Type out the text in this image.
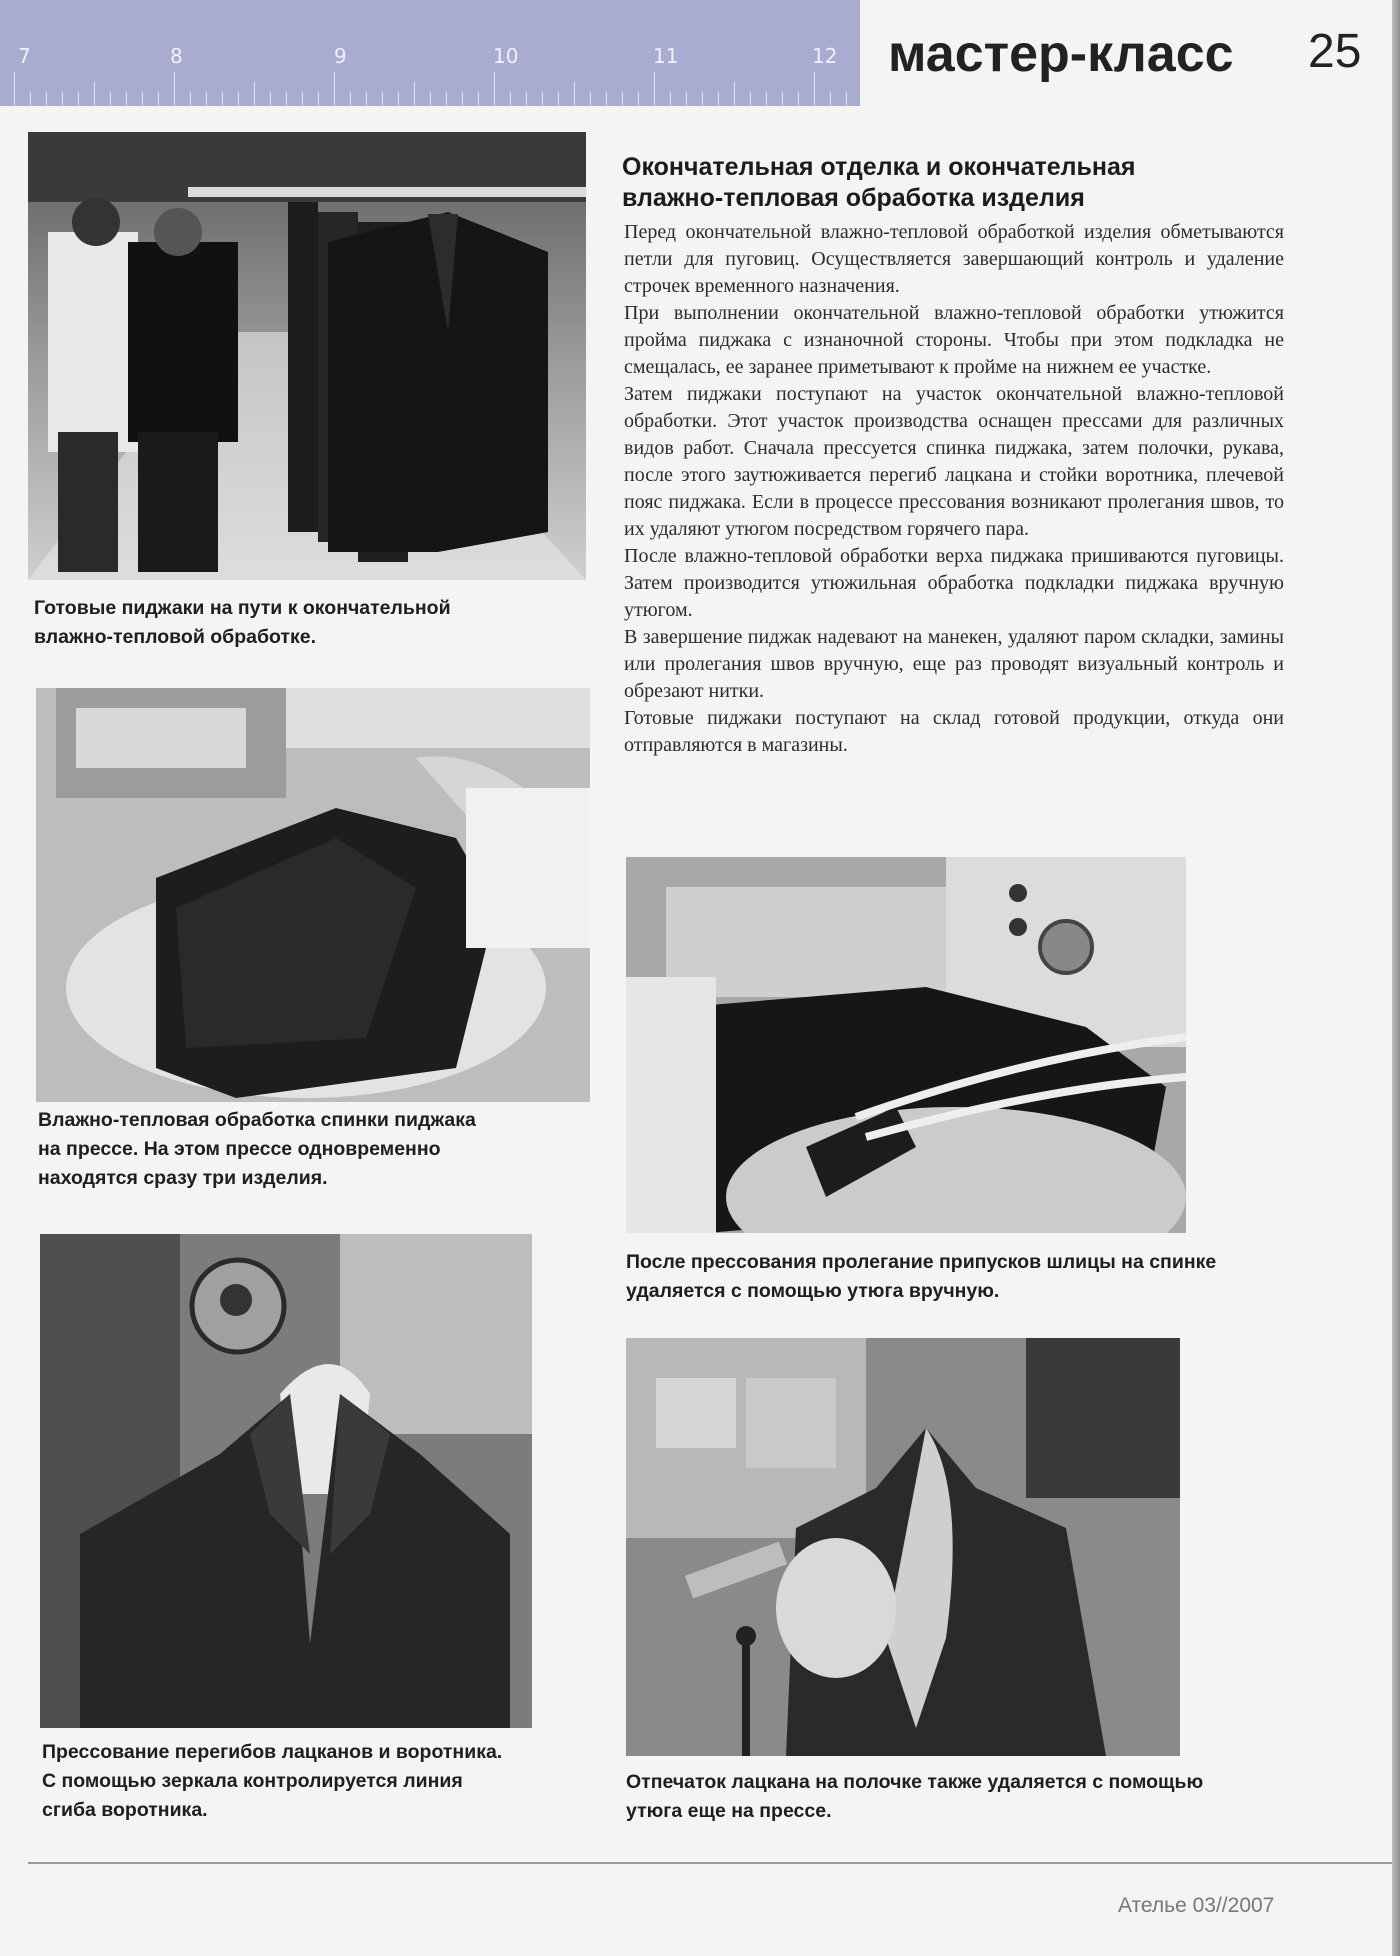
7	8	9	10	11	12 мастер-класс 25
Готовые пиджаки на пути к окончательной
влажно-тепловой обработке.
Влажно-тепловая обработка спинки пиджака
на прессе. На этом прессе одновременно
находятся сразу три изделия.
Прессование перегибов лацканов и воротника.
С помощью зеркала контролируется линия
сгиба воротника.
Окончательная отделка и окончательная
влажно-тепловая обработка изделия

Перед окончательной влажно-тепловой обработкой изделия обметываются петли для пуговиц. Осуществляется завершающий контроль и удаление строчек временного назначения.

При выполнении окончательной влажно-тепловой обработки утюжится пройма пиджака с изнаночной стороны. Чтобы при этом подкладка не смещалась, ее заранее приметывают к пройме на нижнем ее участке.

Затем пиджаки поступают на участок окончательной влажно-тепловой обработки. Этот участок производства оснащен прессами для различных видов работ. Сначала прессуется спинка пиджака, затем полочки, рукава, после этого заутюживается перегиб лацкана и стойки воротника, плечевой пояс пиджака. Если в процессе прессования возникают пролегания швов, то их удаляют утюгом посредством горячего пара.

После влажно-тепловой обработки верха пиджака пришиваются пуговицы. Затем производится утюжильная обработка подкладки пиджака вручную утюгом.

В завершение пиджак надевают на манекен, удаляют паром складки, замины или пролегания швов вручную, еще раз проводят визуальный контроль и обрезают нитки.

Готовые пиджаки поступают на склад готовой продукции, откуда они отправляются в магазины.

После прессования пролегание припусков шлицы на спинке
удаляется с помощью утюга вручную.
Отпечаток лацкана на полочке также удаляется с помощью
утюга еще на прессе.
Ателье 03//2007
